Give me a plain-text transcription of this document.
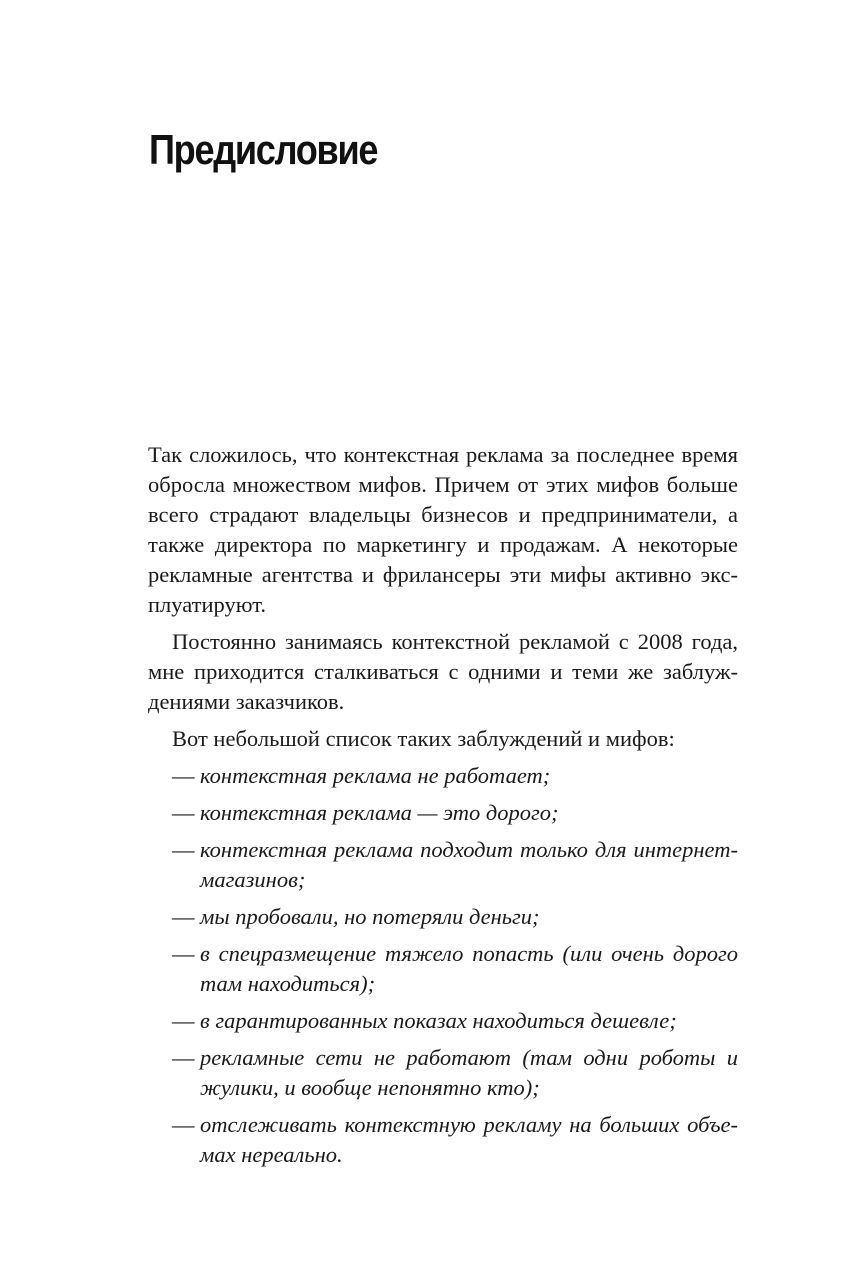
Предисловие

Так сложилось, что контекстная реклама за последнее время обросла множеством мифов. Причем от этих мифов больше всего страдают владельцы бизнесов и предприниматели, а также директора по маркетингу и продажам. А некоторые рекламные агентства и фрилансеры эти мифы активно эксплуатируют.

Постоянно занимаясь контекстной рекламой с 2008 года, мне приходится сталкиваться с одними и теми же заблуждениями заказчиков.

Вот небольшой список таких заблуждений и мифов:

— контекстная реклама не работает;
— контекстная реклама — это дорого;
— контекстная реклама подходит только для интернет-магазинов;
— мы пробовали, но потеряли деньги;
— в спецразмещение тяжело попасть (или очень дорого там находиться);
— в гарантированных показах находиться дешевле;
— рекламные сети не работают (там одни роботы и жулики, и вообще непонятно кто);
— отслеживать контекстную рекламу на больших объемах нереально.
